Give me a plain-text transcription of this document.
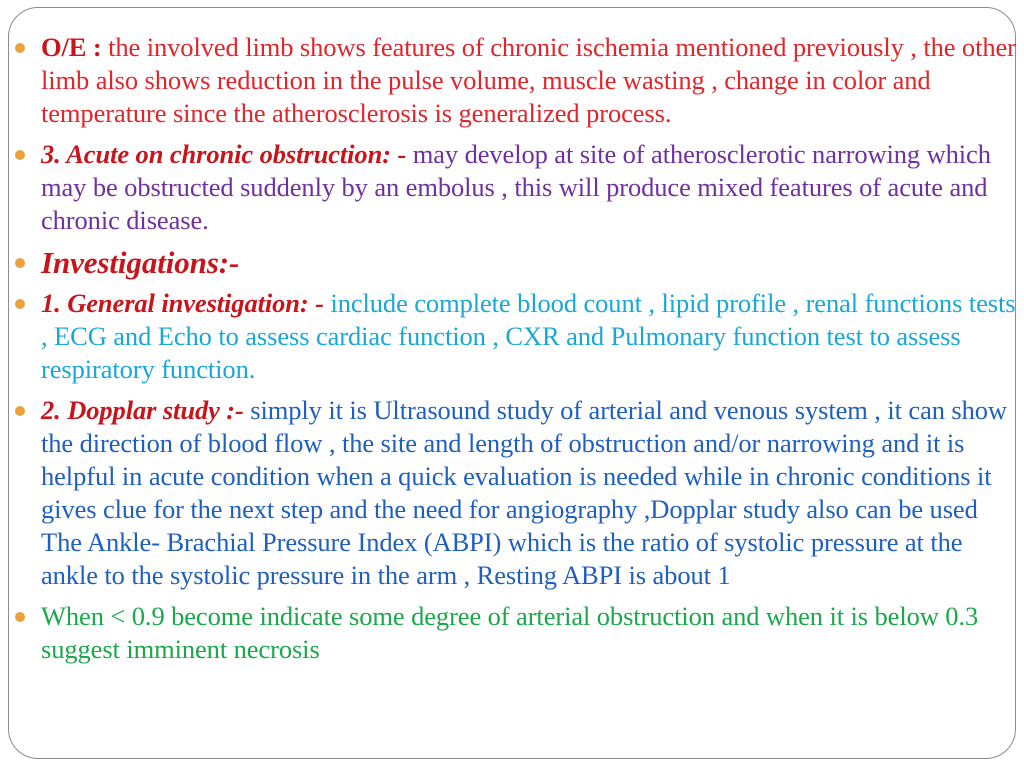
O/E : the involved limb shows features of chronic ischemia mentioned previously , the other limb also shows reduction in the pulse volume, muscle wasting , change in color and temperature since the atherosclerosis is generalized process.
3. Acute on chronic obstruction: - may develop at site of atherosclerotic narrowing which may be obstructed suddenly by an embolus , this will produce mixed features of acute and chronic disease.
Investigations:-
1. General investigation: - include complete blood count , lipid profile , renal functions tests , ECG and Echo to assess cardiac function , CXR and Pulmonary function test to assess respiratory function.
2. Dopplar study :- simply it is Ultrasound study of arterial and venous system , it can show the direction of blood flow , the site and length of obstruction and/or narrowing and it is helpful in acute condition when a quick evaluation is needed while in chronic conditions it gives clue for the next step and the need for angiography ,Dopplar study also can be used The Ankle- Brachial Pressure Index (ABPI) which is the ratio of systolic pressure at the ankle to the systolic pressure in the arm , Resting ABPI is about 1
When < 0.9 become indicate some degree of arterial obstruction and when it is below 0.3 suggest imminent necrosis
